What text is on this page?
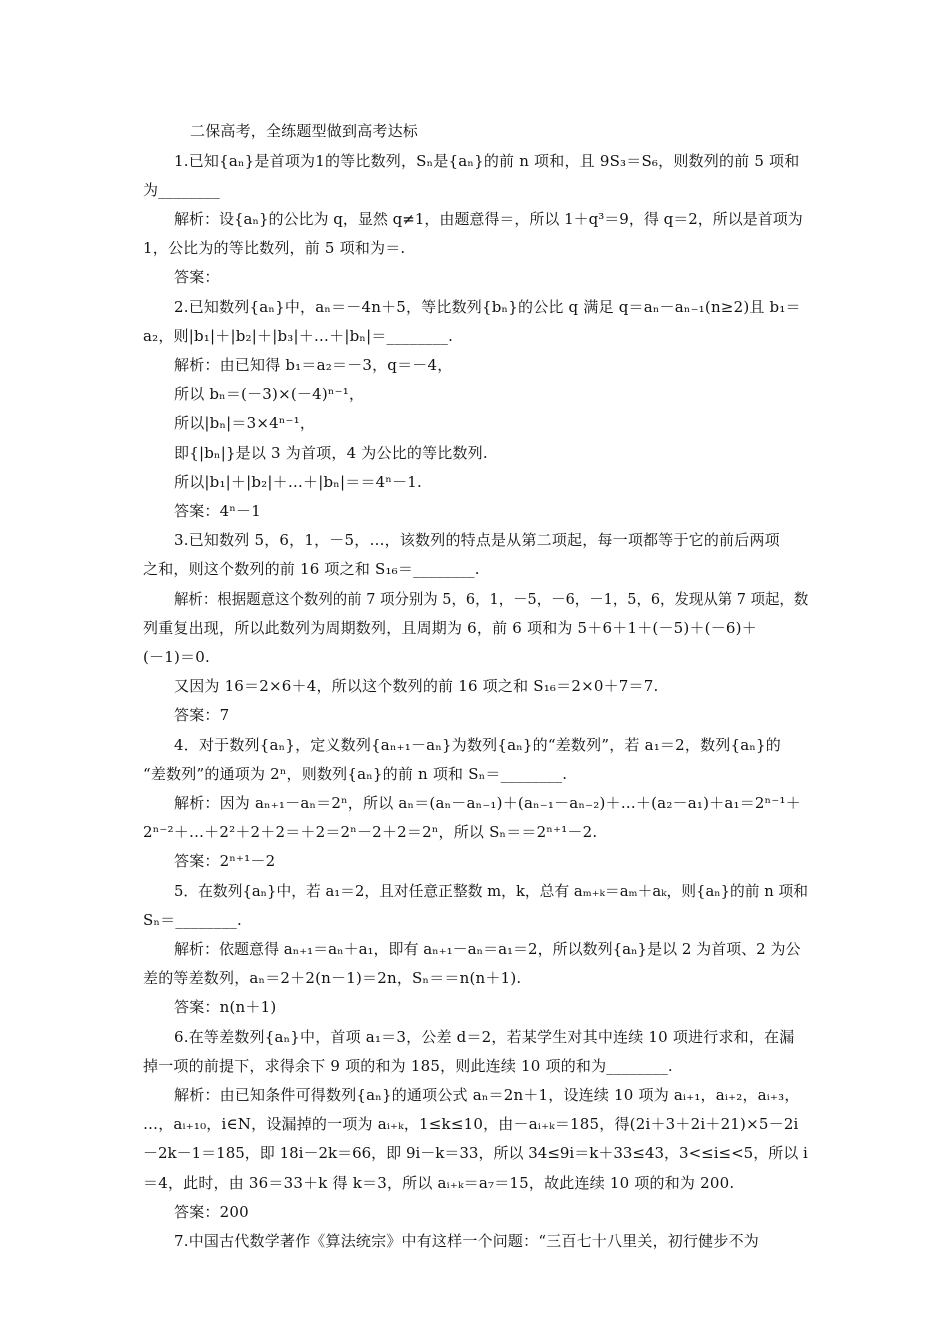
二保高考，全练题型做到高考达标
1.已知{aₙ}是首项为1的等比数列，Sₙ是{aₙ}的前 n 项和，且 9S₃＝S₆，则数列的前 5 项和
为________
解析：设{aₙ}的公比为 q，显然 q≠1，由题意得＝，所以 1＋q³＝9，得 q＝2，所以是首项为
1，公比为的等比数列，前 5 项和为＝.
答案：
2.已知数列{aₙ}中，aₙ＝－4n＋5，等比数列{bₙ}的公比 q 满足 q＝aₙ－aₙ₋₁(n≥2)且 b₁＝
a₂，则|b₁|＋|b₂|＋|b₃|＋…＋|bₙ|＝________.
解析：由已知得 b₁＝a₂＝－3，q＝－4，
所以 bₙ＝(－3)×(－4)ⁿ⁻¹，
所以|bₙ|＝3×4ⁿ⁻¹，
即{|bₙ|}是以 3 为首项，4 为公比的等比数列.
所以|b₁|＋|b₂|＋…＋|bₙ|＝＝4ⁿ－1.
答案：4ⁿ－1
3.已知数列 5，6，1，－5，…，该数列的特点是从第二项起，每一项都等于它的前后两项
之和，则这个数列的前 16 项之和 S₁₆＝________.
解析：根据题意这个数列的前 7 项分别为 5，6，1，－5，－6，－1，5，6，发现从第 7 项起，数
列重复出现，所以此数列为周期数列，且周期为 6，前 6 项和为 5＋6＋1＋(－5)＋(－6)＋
(－1)＝0.
又因为 16＝2×6＋4，所以这个数列的前 16 项之和 S₁₆＝2×0＋7＝7.
答案：7
4．对于数列{aₙ}，定义数列{aₙ₊₁－aₙ}为数列{aₙ}的“差数列”，若 a₁＝2，数列{aₙ}的
“差数列”的通项为 2ⁿ，则数列{aₙ}的前 n 项和 Sₙ＝________.
解析：因为 aₙ₊₁－aₙ＝2ⁿ，所以 aₙ＝(aₙ－aₙ₋₁)＋(aₙ₋₁－aₙ₋₂)＋…＋(a₂－a₁)＋a₁＝2ⁿ⁻¹＋
2ⁿ⁻²＋…＋2²＋2＋2＝＋2＝2ⁿ－2＋2＝2ⁿ，所以 Sₙ＝＝2ⁿ⁺¹－2.
答案：2ⁿ⁺¹－2
5．在数列{aₙ}中，若 a₁＝2，且对任意正整数 m，k，总有 aₘ₊ₖ＝aₘ＋aₖ，则{aₙ}的前 n 项和
Sₙ＝________.
解析：依题意得 aₙ₊₁＝aₙ＋a₁，即有 aₙ₊₁－aₙ＝a₁＝2，所以数列{aₙ}是以 2 为首项、2 为公
差的等差数列，aₙ＝2＋2(n－1)＝2n，Sₙ＝＝n(n＋1).
答案：n(n＋1)
6.在等差数列{aₙ}中，首项 a₁＝3，公差 d＝2，若某学生对其中连续 10 项进行求和，在漏
掉一项的前提下，求得余下 9 项的和为 185，则此连续 10 项的和为________.
解析：由已知条件可得数列{aₙ}的通项公式 aₙ＝2n＋1，设连续 10 项为 aᵢ₊₁，aᵢ₊₂，aᵢ₊₃，
…，aᵢ₊₁₀，i∈N，设漏掉的一项为 aᵢ₊ₖ，1≤k≤10，由－aᵢ₊ₖ＝185，得(2i＋3＋2i＋21)×5－2i
－2k－1＝185，即 18i－2k＝66，即 9i－k＝33，所以 34≤9i＝k＋33≤43，3<≤i≤<5，所以 i
＝4，此时，由 36＝33＋k 得 k＝3，所以 aᵢ₊ₖ＝a₇＝15，故此连续 10 项的和为 200.
答案：200
7.中国古代数学著作《算法统宗》中有这样一个问题：“三百七十八里关，初行健步不为
